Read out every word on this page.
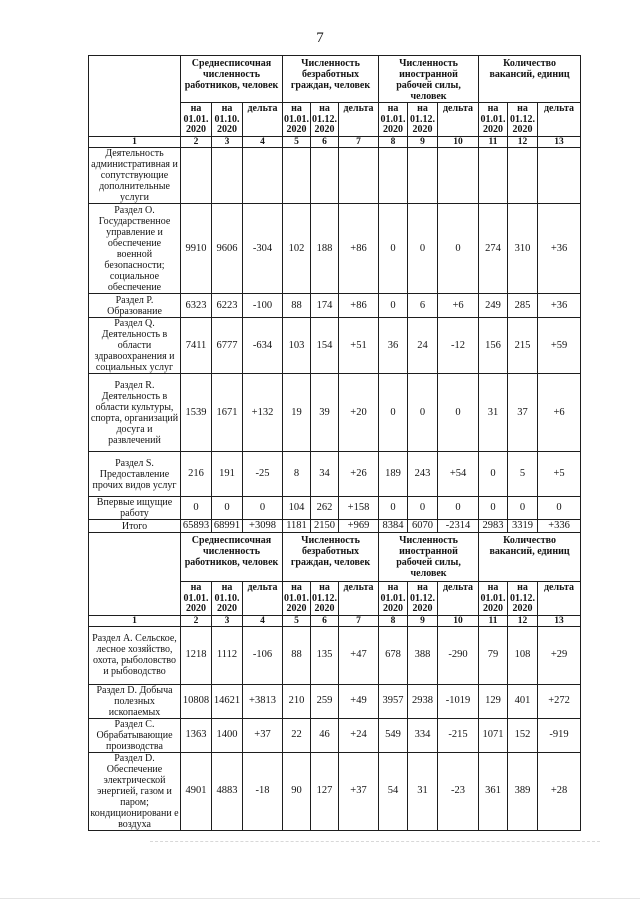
7
	Среднесписочная численность работников, человек			Численность безработных граждан, человек			Численность иностранной рабочей силы, человек			Количество вакансий, единиц		
	на 01.01. 2020	на 01.10. 2020	дельта	на 01.01. 2020	на 01.12. 2020	дельта	на 01.01. 2020	на 01.12. 2020	дельта	на 01.01. 2020	на 01.12. 2020	дельта
1	2	3	4	5	6	7	8	9	10	11	12	13
Деятельность административная и сопутствующие дополнительные услуги												
Раздел O. Государственное управление и обеспечение военной безопасности; социальное обеспечение	9910	9606	-304	102	188	+86	0	0	0	274	310	+36
Раздел P. Образование	6323	6223	-100	88	174	+86	0	6	+6	249	285	+36
Раздел Q. Деятельность в области здравоохранения и социальных услуг	7411	6777	-634	103	154	+51	36	24	-12	156	215	+59
Раздел R. Деятельность в области культуры, спорта, организаций досуга и развлечений	1539	1671	+132	19	39	+20	0	0	0	31	37	+6
Раздел S. Предоставление прочих видов услуг	216	191	-25	8	34	+26	189	243	+54	0	5	+5
Впервые ищущие работу	0	0	0	104	262	+158	0	0	0	0	0	0
Итого	65893	68991	+3098	1181	2150	+969	8384	6070	-2314	2983	3319	+336
	Среднесписочная численность работников, человек			Численность безработных граждан, человек			Численность иностранной рабочей силы, человек			Количество вакансий, единиц		
	на 01.01. 2020	на 01.10. 2020	дельта	на 01.01. 2020	на 01.12. 2020	дельта	на 01.01. 2020	на 01.12. 2020	дельта	на 01.01. 2020	на 01.12. 2020	дельта
1	2	3	4	5	6	7	8	9	10	11	12	13
Раздел A. Сельское, лесное хозяйство, охота, рыболовство и рыбоводство	1218	1112	-106	88	135	+47	678	388	-290	79	108	+29
Раздел D. Добыча полезных ископаемых	10808	14621	+3813	210	259	+49	3957	2938	-1019	129	401	+272
Раздел C. Обрабатывающие производства	1363	1400	+37	22	46	+24	549	334	-215	1071	152	-919
Раздел D. Обеспечение электрической энергией, газом и паром; кондиционировани е воздуха	4901	4883	-18	90	127	+37	54	31	-23	361	389	+28
